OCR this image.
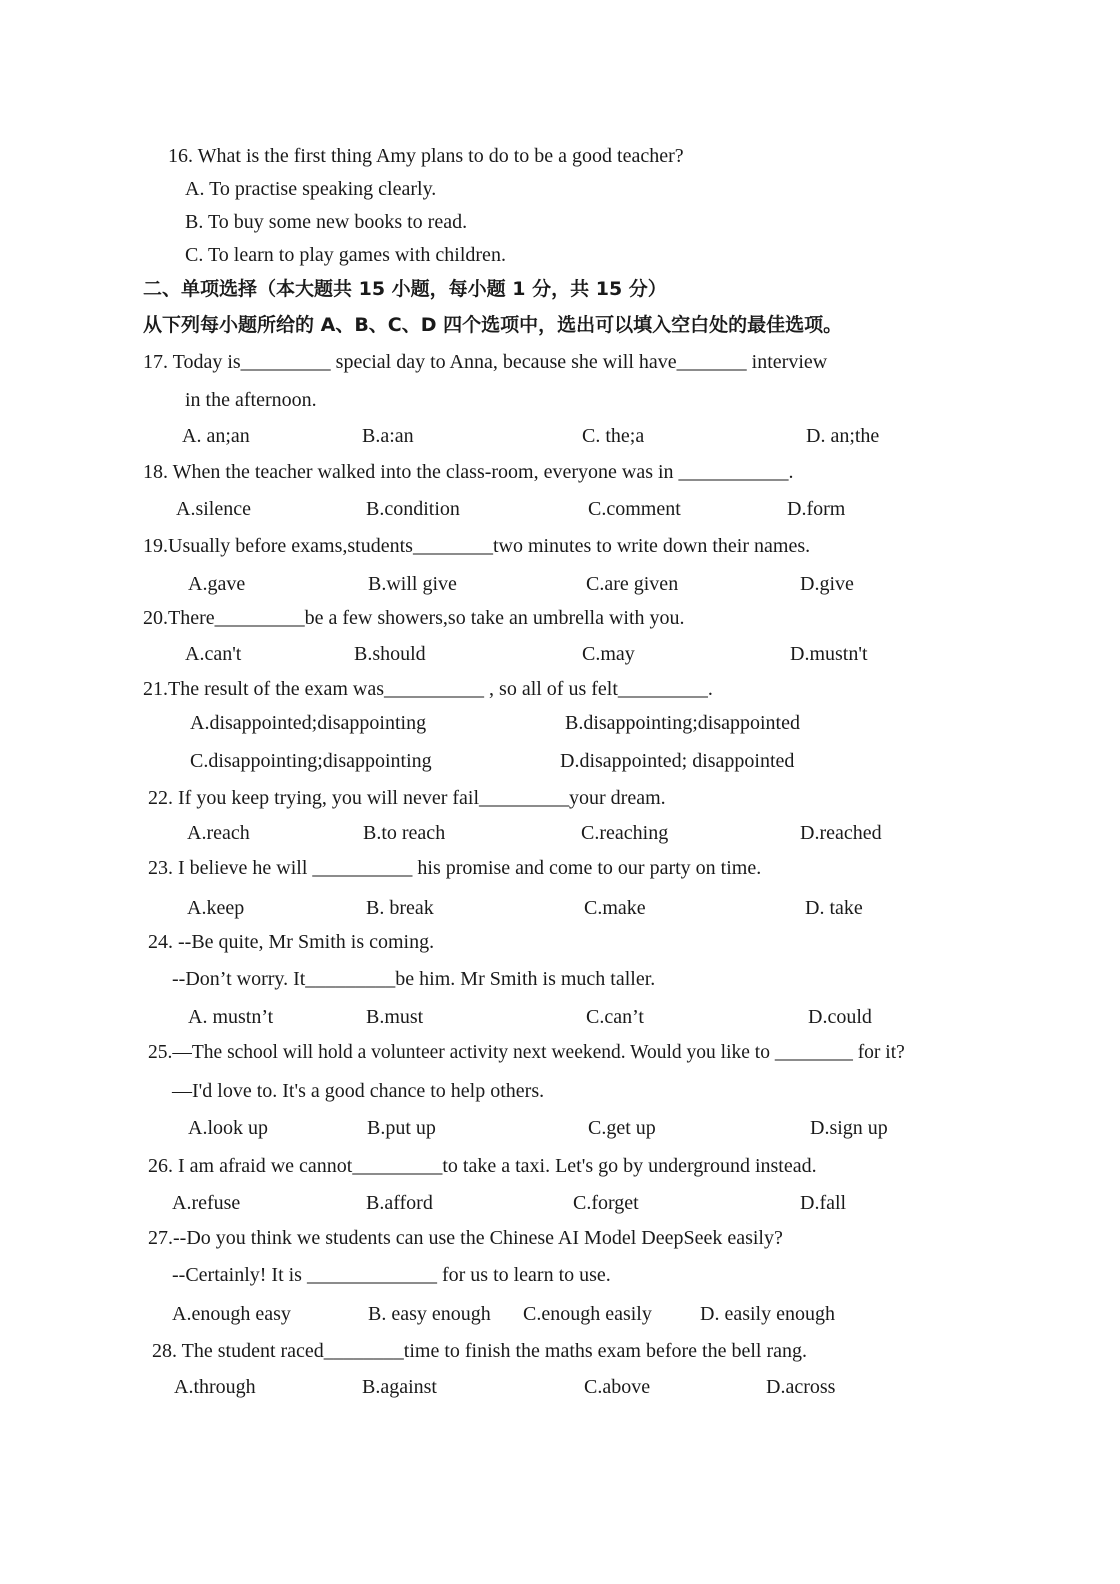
16. What is the first thing Amy plans to do to be a good teacher?
A. To practise speaking clearly.
B. To buy some new books to read.
C. To learn to play games with children.
二、单项选择（本大题共 15 小题，每小题 1 分，共 15 分）
从下列每小题所给的 A、B、C、D 四个选项中，选出可以填入空白处的最佳选项。
17. Today is_________ special day to Anna, because she will have_______ interview
in the afternoon.
A. an;an	B.a:an	C. the;a	D. an;the
18. When the teacher walked into the class-room, everyone was in ___________.
A.silence	B.condition	C.comment	D.form
19.Usually before exams,students________two minutes to write down their names.
A.gave	B.will give	C.are given	D.give
20.There_________be a few showers,so take an umbrella with you.
A.can't	B.should	C.may	D.mustn't
21.The result of the exam was__________ , so all of us felt_________.
A.disappointed;disappointing	B.disappointing;disappointed
C.disappointing;disappointing	D.disappointed; disappointed
22. If you keep trying, you will never fail_________your dream.
A.reach	B.to reach	C.reaching	D.reached
23. I believe he will __________ his promise and come to our party on time.
A.keep	B. break	C.make	D. take
24. --Be quite, Mr Smith is coming.
--Don’t worry. It_________be him. Mr Smith is much taller.
A. mustn’t	B.must	C.can’t	D.could
25.—The school will hold a volunteer activity next weekend. Would you like to ________ for it?
—I'd love to. It's a good chance to help others.
A.look up	B.put up	C.get up	D.sign up
26. I am afraid we cannot_________to take a taxi. Let's go by underground instead.
A.refuse	B.afford	C.forget	D.fall
27.--Do you think we students can use the Chinese AI Model DeepSeek easily?
--Certainly! It is _____________ for us to learn to use.
A.enough easy	B. easy enough C.enough easily D. easily enough
28. The student raced________time to finish the maths exam before the bell rang.
A.through	B.against	C.above	D.across
